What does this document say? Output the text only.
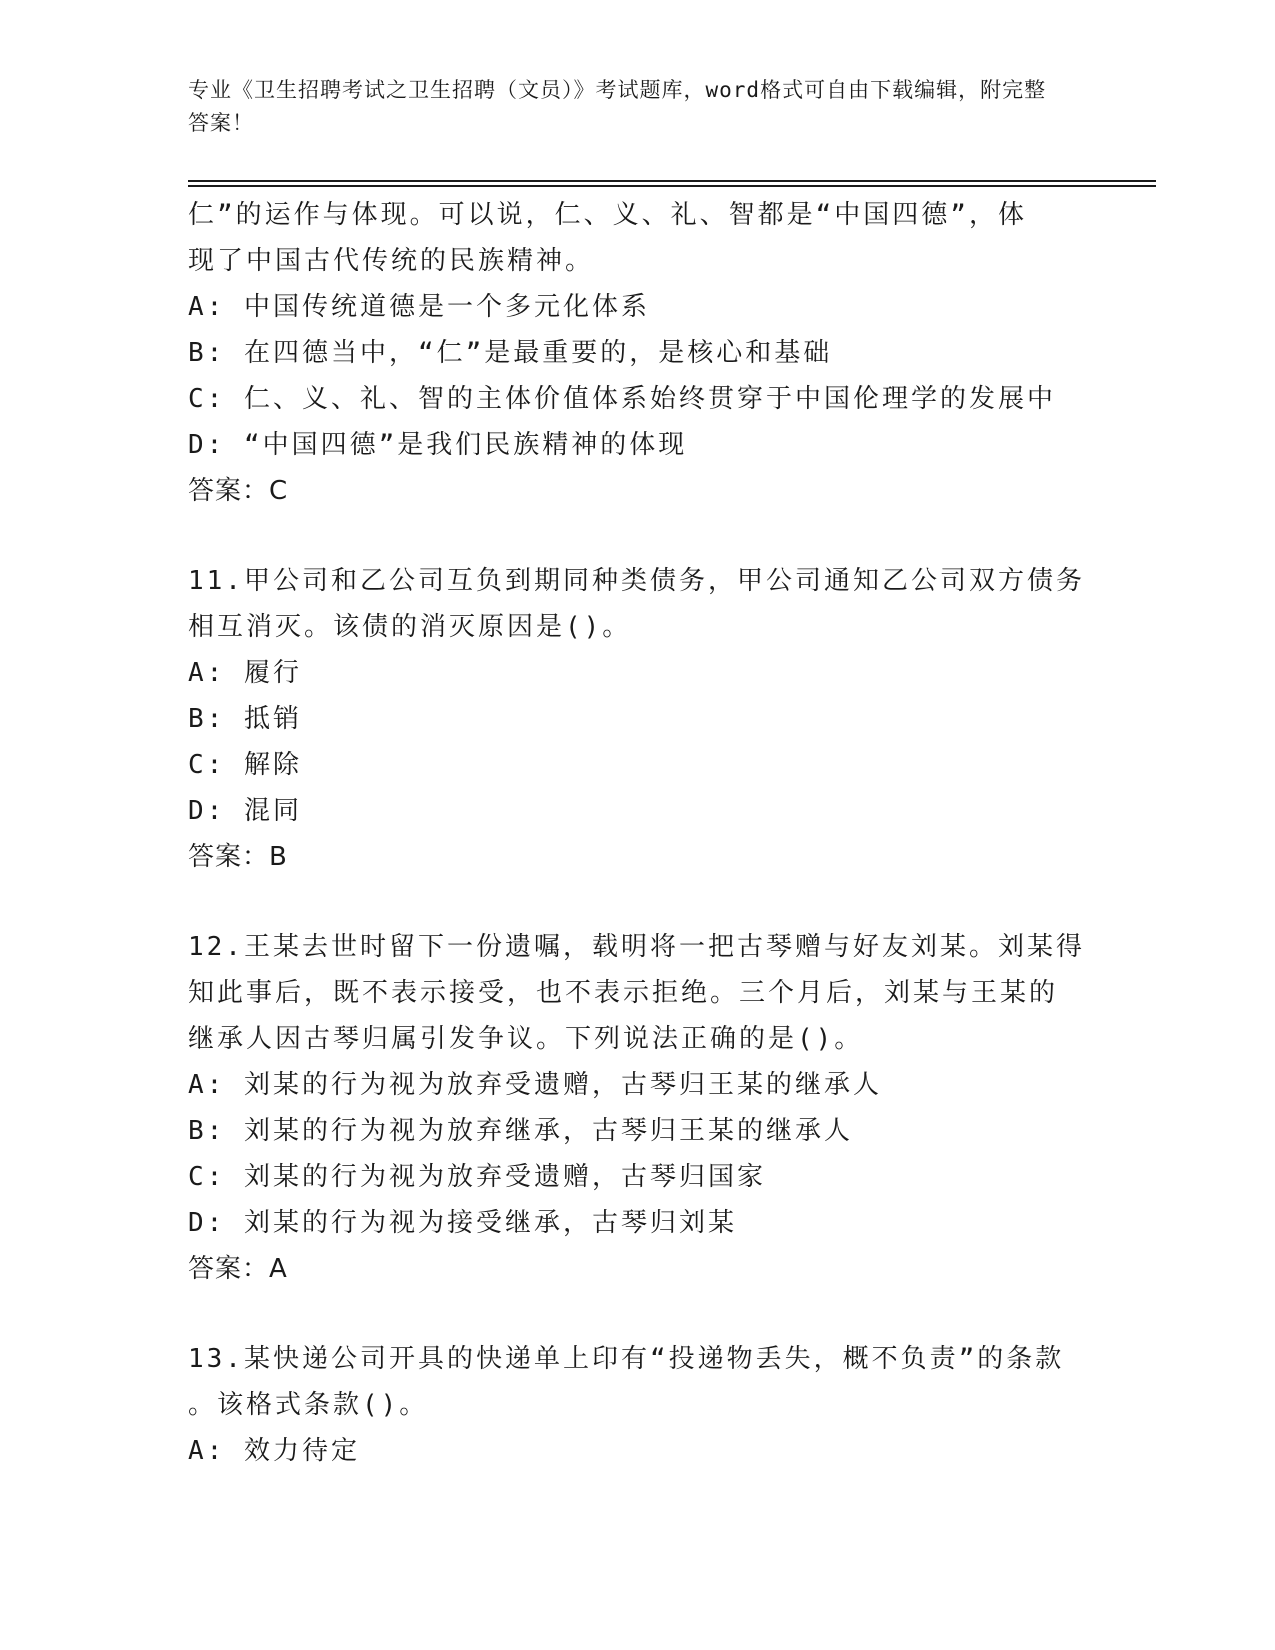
专业《卫生招聘考试之卫生招聘（文员）》考试题库，word格式可自由下载编辑，附完整答案！
仁”的运作与体现。可以说，仁、义、礼、智都是“中国四德”，体
现了中国古代传统的民族精神。
A: 中国传统道德是一个多元化体系
B: 在四德当中，“仁”是最重要的，是核心和基础
C: 仁、义、礼、智的主体价值体系始终贯穿于中国伦理学的发展中
D: “中国四德”是我们民族精神的体现
答案：C
11.甲公司和乙公司互负到期同种类债务，甲公司通知乙公司双方债务
相互消灭。该债的消灭原因是()。
A: 履行
B: 抵销
C: 解除
D: 混同
答案：B
12.王某去世时留下一份遗嘱，载明将一把古琴赠与好友刘某。刘某得
知此事后，既不表示接受，也不表示拒绝。三个月后，刘某与王某的
继承人因古琴归属引发争议。下列说法正确的是()。
A: 刘某的行为视为放弃受遗赠，古琴归王某的继承人
B: 刘某的行为视为放弃继承，古琴归王某的继承人
C: 刘某的行为视为放弃受遗赠，古琴归国家
D: 刘某的行为视为接受继承，古琴归刘某
答案：A
13.某快递公司开具的快递单上印有“投递物丢失，概不负责”的条款
。该格式条款()。
A: 效力待定
